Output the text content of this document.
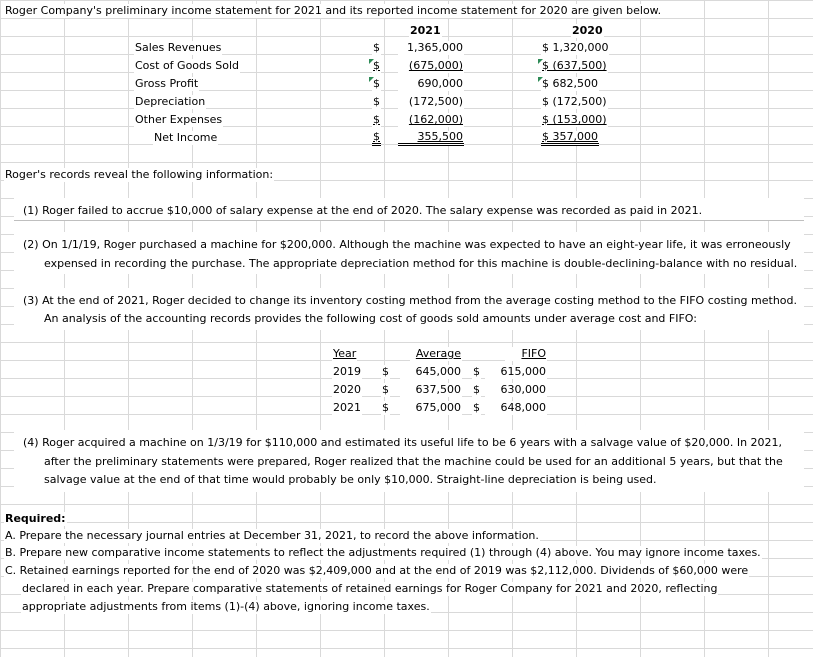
Roger Company's preliminary income statement for 2021 and its reported income statement for 2020 are given below.
2021	2020
Sales Revenues	$	1,365,000	$ 1,320,000
Cost of Goods Sold	$	(675,000)	$ (637,500)
Gross Profit	$	690,000	$ 682,500
Depreciation	$	(172,500)	$ (172,500)
Other Expenses	$	(162,000)	$ (153,000)
Net Income	$	355,500	$ 357,000
Roger's records reveal the following information:
(1) Roger failed to accrue $10,000 of salary expense at the end of 2020. The salary expense was recorded as paid in 2021.
(2) On 1/1/19, Roger purchased a machine for $200,000. Although the machine was expected to have an eight-year life, it was erroneously
expensed in recording the purchase. The appropriate depreciation method for this machine is double-declining-balance with no residual.
(3) At the end of 2021, Roger decided to change its inventory costing method from the average costing method to the FIFO costing method.
An analysis of the accounting records provides the following cost of goods sold amounts under average cost and FIFO:
Year	Average	FIFO
2019 $	645,000 $	615,000
2020 $	637,500 $	630,000
2021 $	675,000 $	648,000
(4) Roger acquired a machine on 1/3/19 for $110,000 and estimated its useful life to be 6 years with a salvage value of $20,000. In 2021,
after the preliminary statements were prepared, Roger realized that the machine could be used for an additional 5 years, but that the
salvage value at the end of that time would probably be only $10,000. Straight-line depreciation is being used.
Required:
A. Prepare the necessary journal entries at December 31, 2021, to record the above information.
B. Prepare new comparative income statements to reflect the adjustments required (1) through (4) above. You may ignore income taxes.
C. Retained earnings reported for the end of 2020 was $2,409,000 and at the end of 2019 was $2,112,000. Dividends of $60,000 were
declared in each year. Prepare comparative statements of retained earnings for Roger Company for 2021 and 2020, reflecting
appropriate adjustments from items (1)-(4) above, ignoring income taxes.
